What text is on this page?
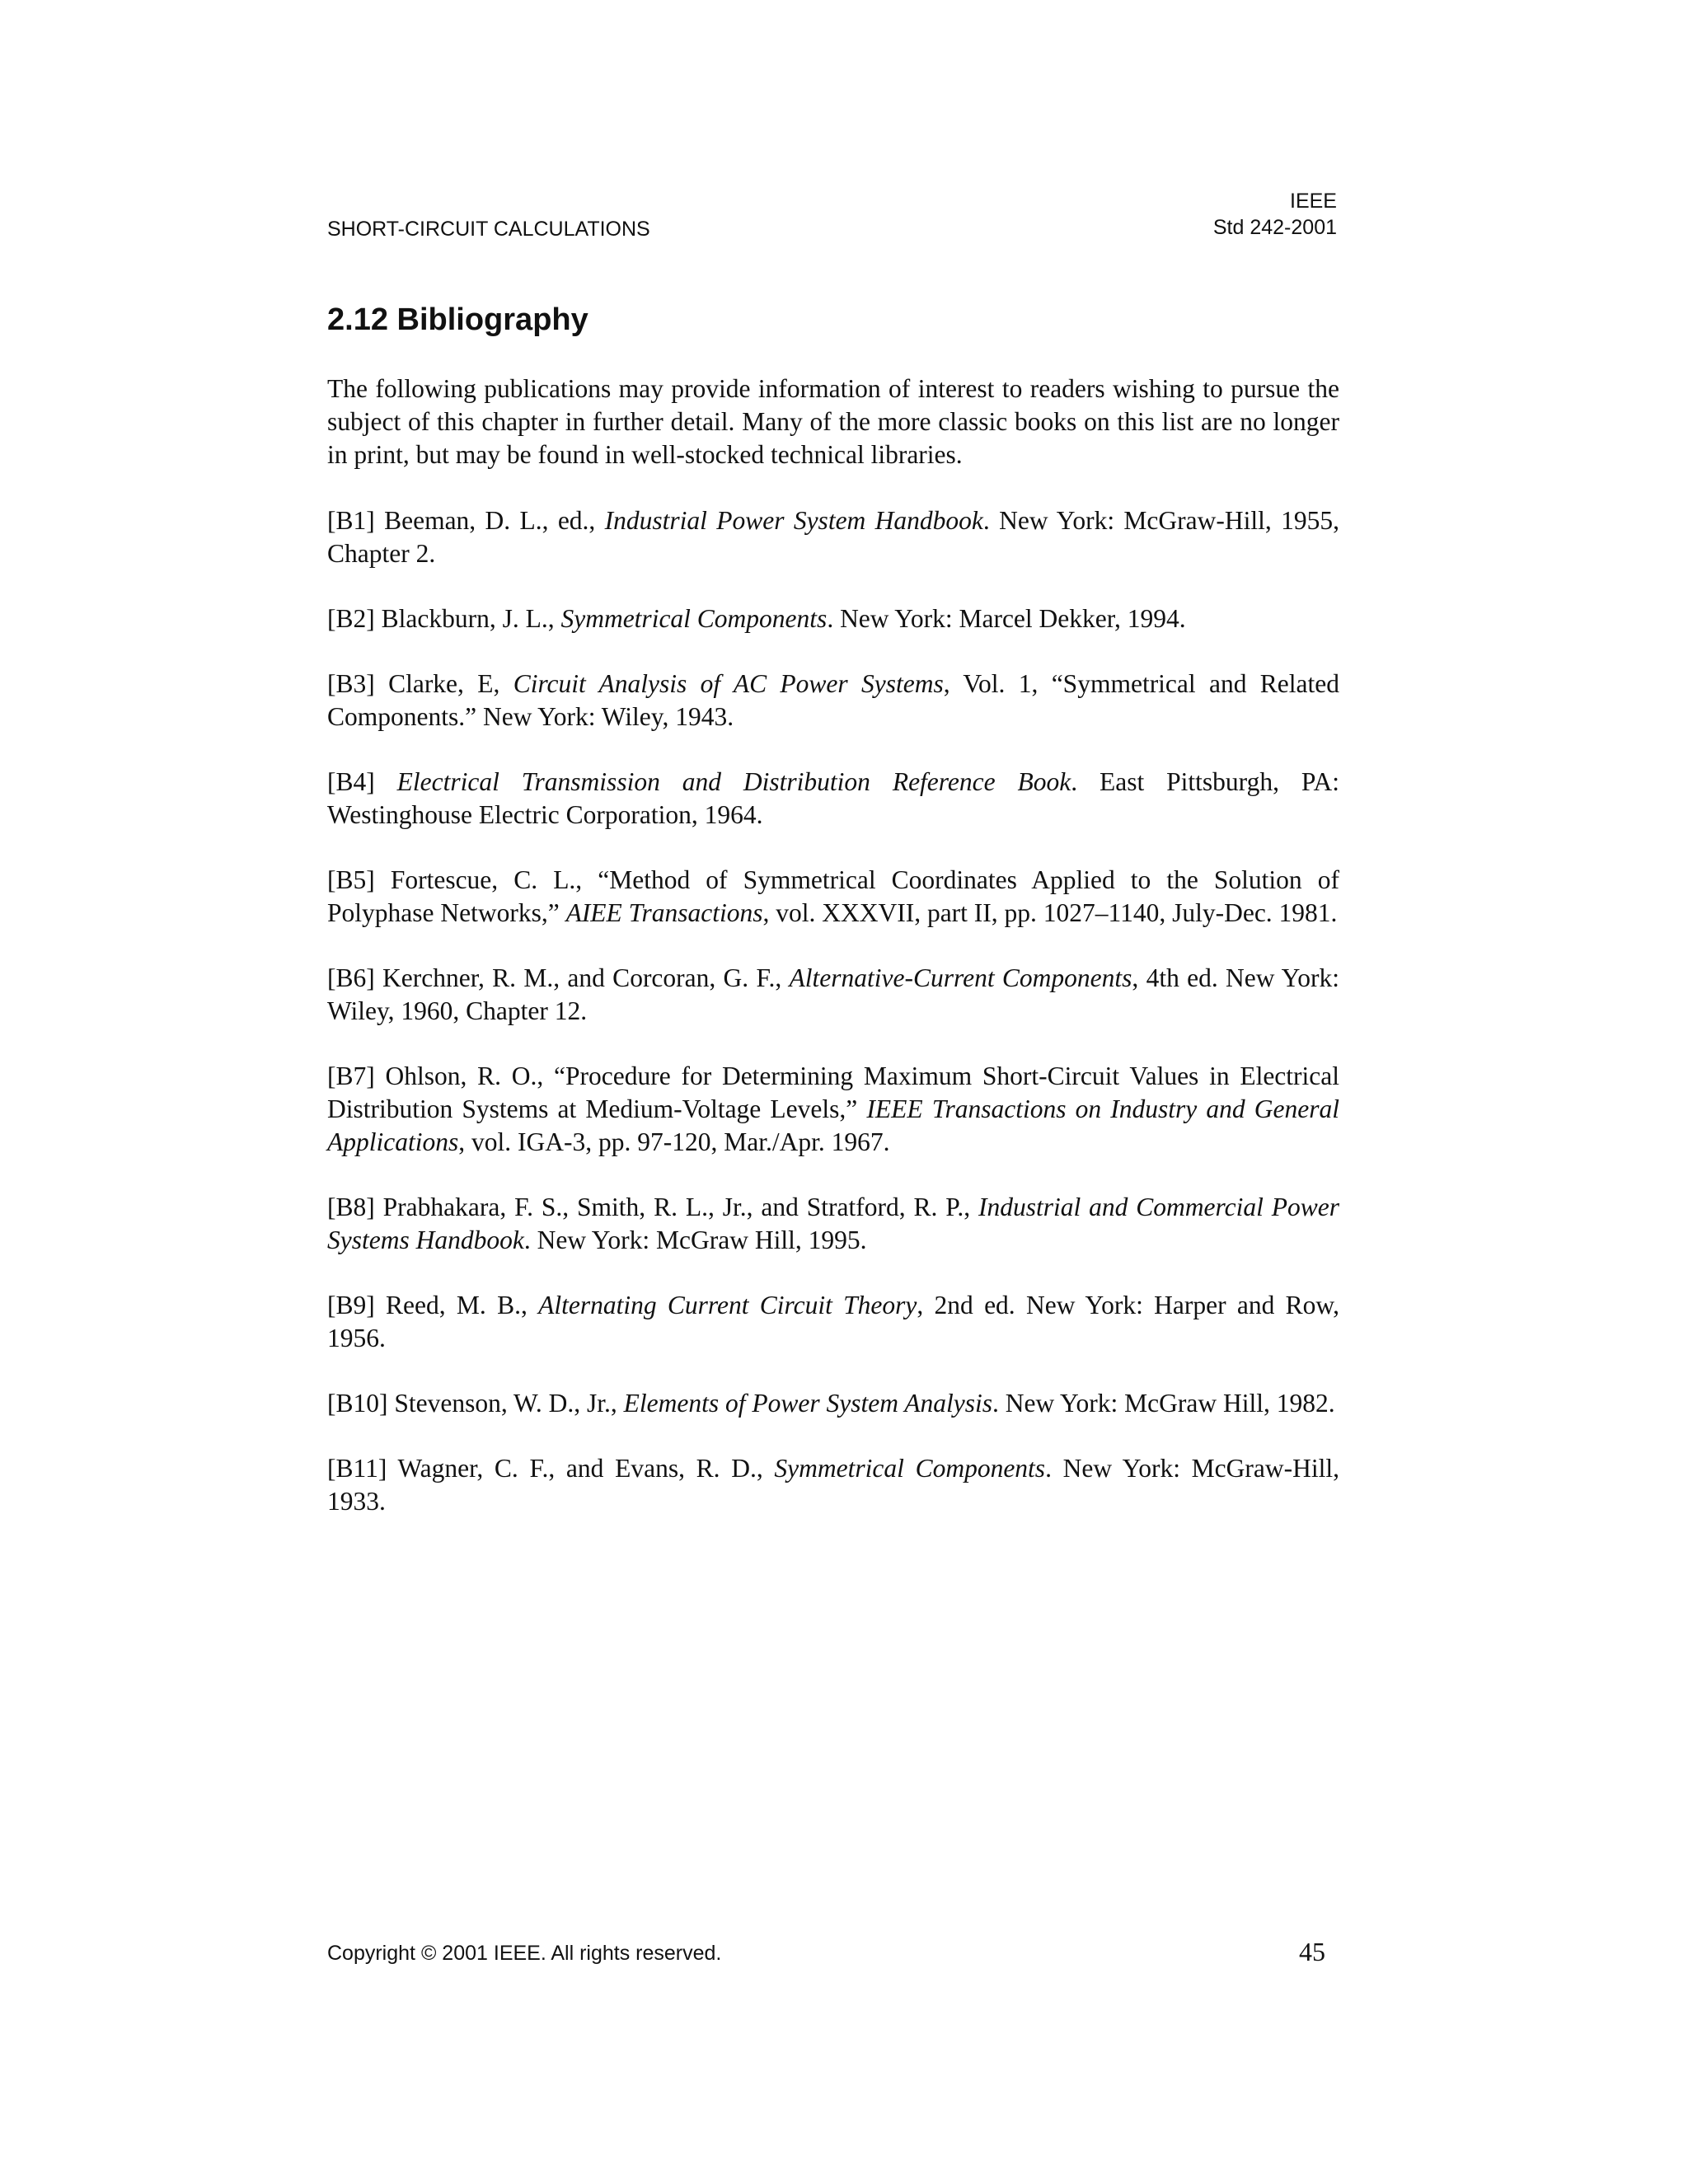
SHORT-CIRCUIT CALCULATIONS
IEEE
Std 242-2001
2.12 Bibliography

The following publications may provide information of interest to readers wishing to pursue the subject of this chapter in further detail. Many of the more classic books on this list are no longer in print, but may be found in well-stocked technical libraries.

[B1] Beeman, D. L., ed., Industrial Power System Handbook. New York: McGraw-Hill, 1955, Chapter 2.

[B2] Blackburn, J. L., Symmetrical Components. New York: Marcel Dekker, 1994.

[B3] Clarke, E, Circuit Analysis of AC Power Systems, Vol. 1, “Symmetrical and Related Components.” New York: Wiley, 1943.

[B4] Electrical Transmission and Distribution Reference Book. East Pittsburgh, PA: Westinghouse Electric Corporation, 1964.

[B5] Fortescue, C. L., “Method of Symmetrical Coordinates Applied to the Solution of Polyphase Networks,” AIEE Transactions, vol. XXXVII, part II, pp. 1027–1140, July-Dec. 1981.

[B6] Kerchner, R. M., and Corcoran, G. F., Alternative-Current Components, 4th ed. New York: Wiley, 1960, Chapter 12.

[B7] Ohlson, R. O., “Procedure for Determining Maximum Short-Circuit Values in Electrical Distribution Systems at Medium-Voltage Levels,” IEEE Transactions on Industry and General Applications, vol. IGA-3, pp. 97-120, Mar./Apr. 1967.

[B8] Prabhakara, F. S., Smith, R. L., Jr., and Stratford, R. P., Industrial and Commercial Power Systems Handbook. New York: McGraw Hill, 1995.

[B9] Reed, M. B., Alternating Current Circuit Theory, 2nd ed. New York: Harper and Row, 1956.

[B10] Stevenson, W. D., Jr., Elements of Power System Analysis. New York: McGraw Hill, 1982.

[B11] Wagner, C. F., and Evans, R. D., Symmetrical Components. New York: McGraw-Hill, 1933.

Copyright © 2001 IEEE. All rights reserved.	45
